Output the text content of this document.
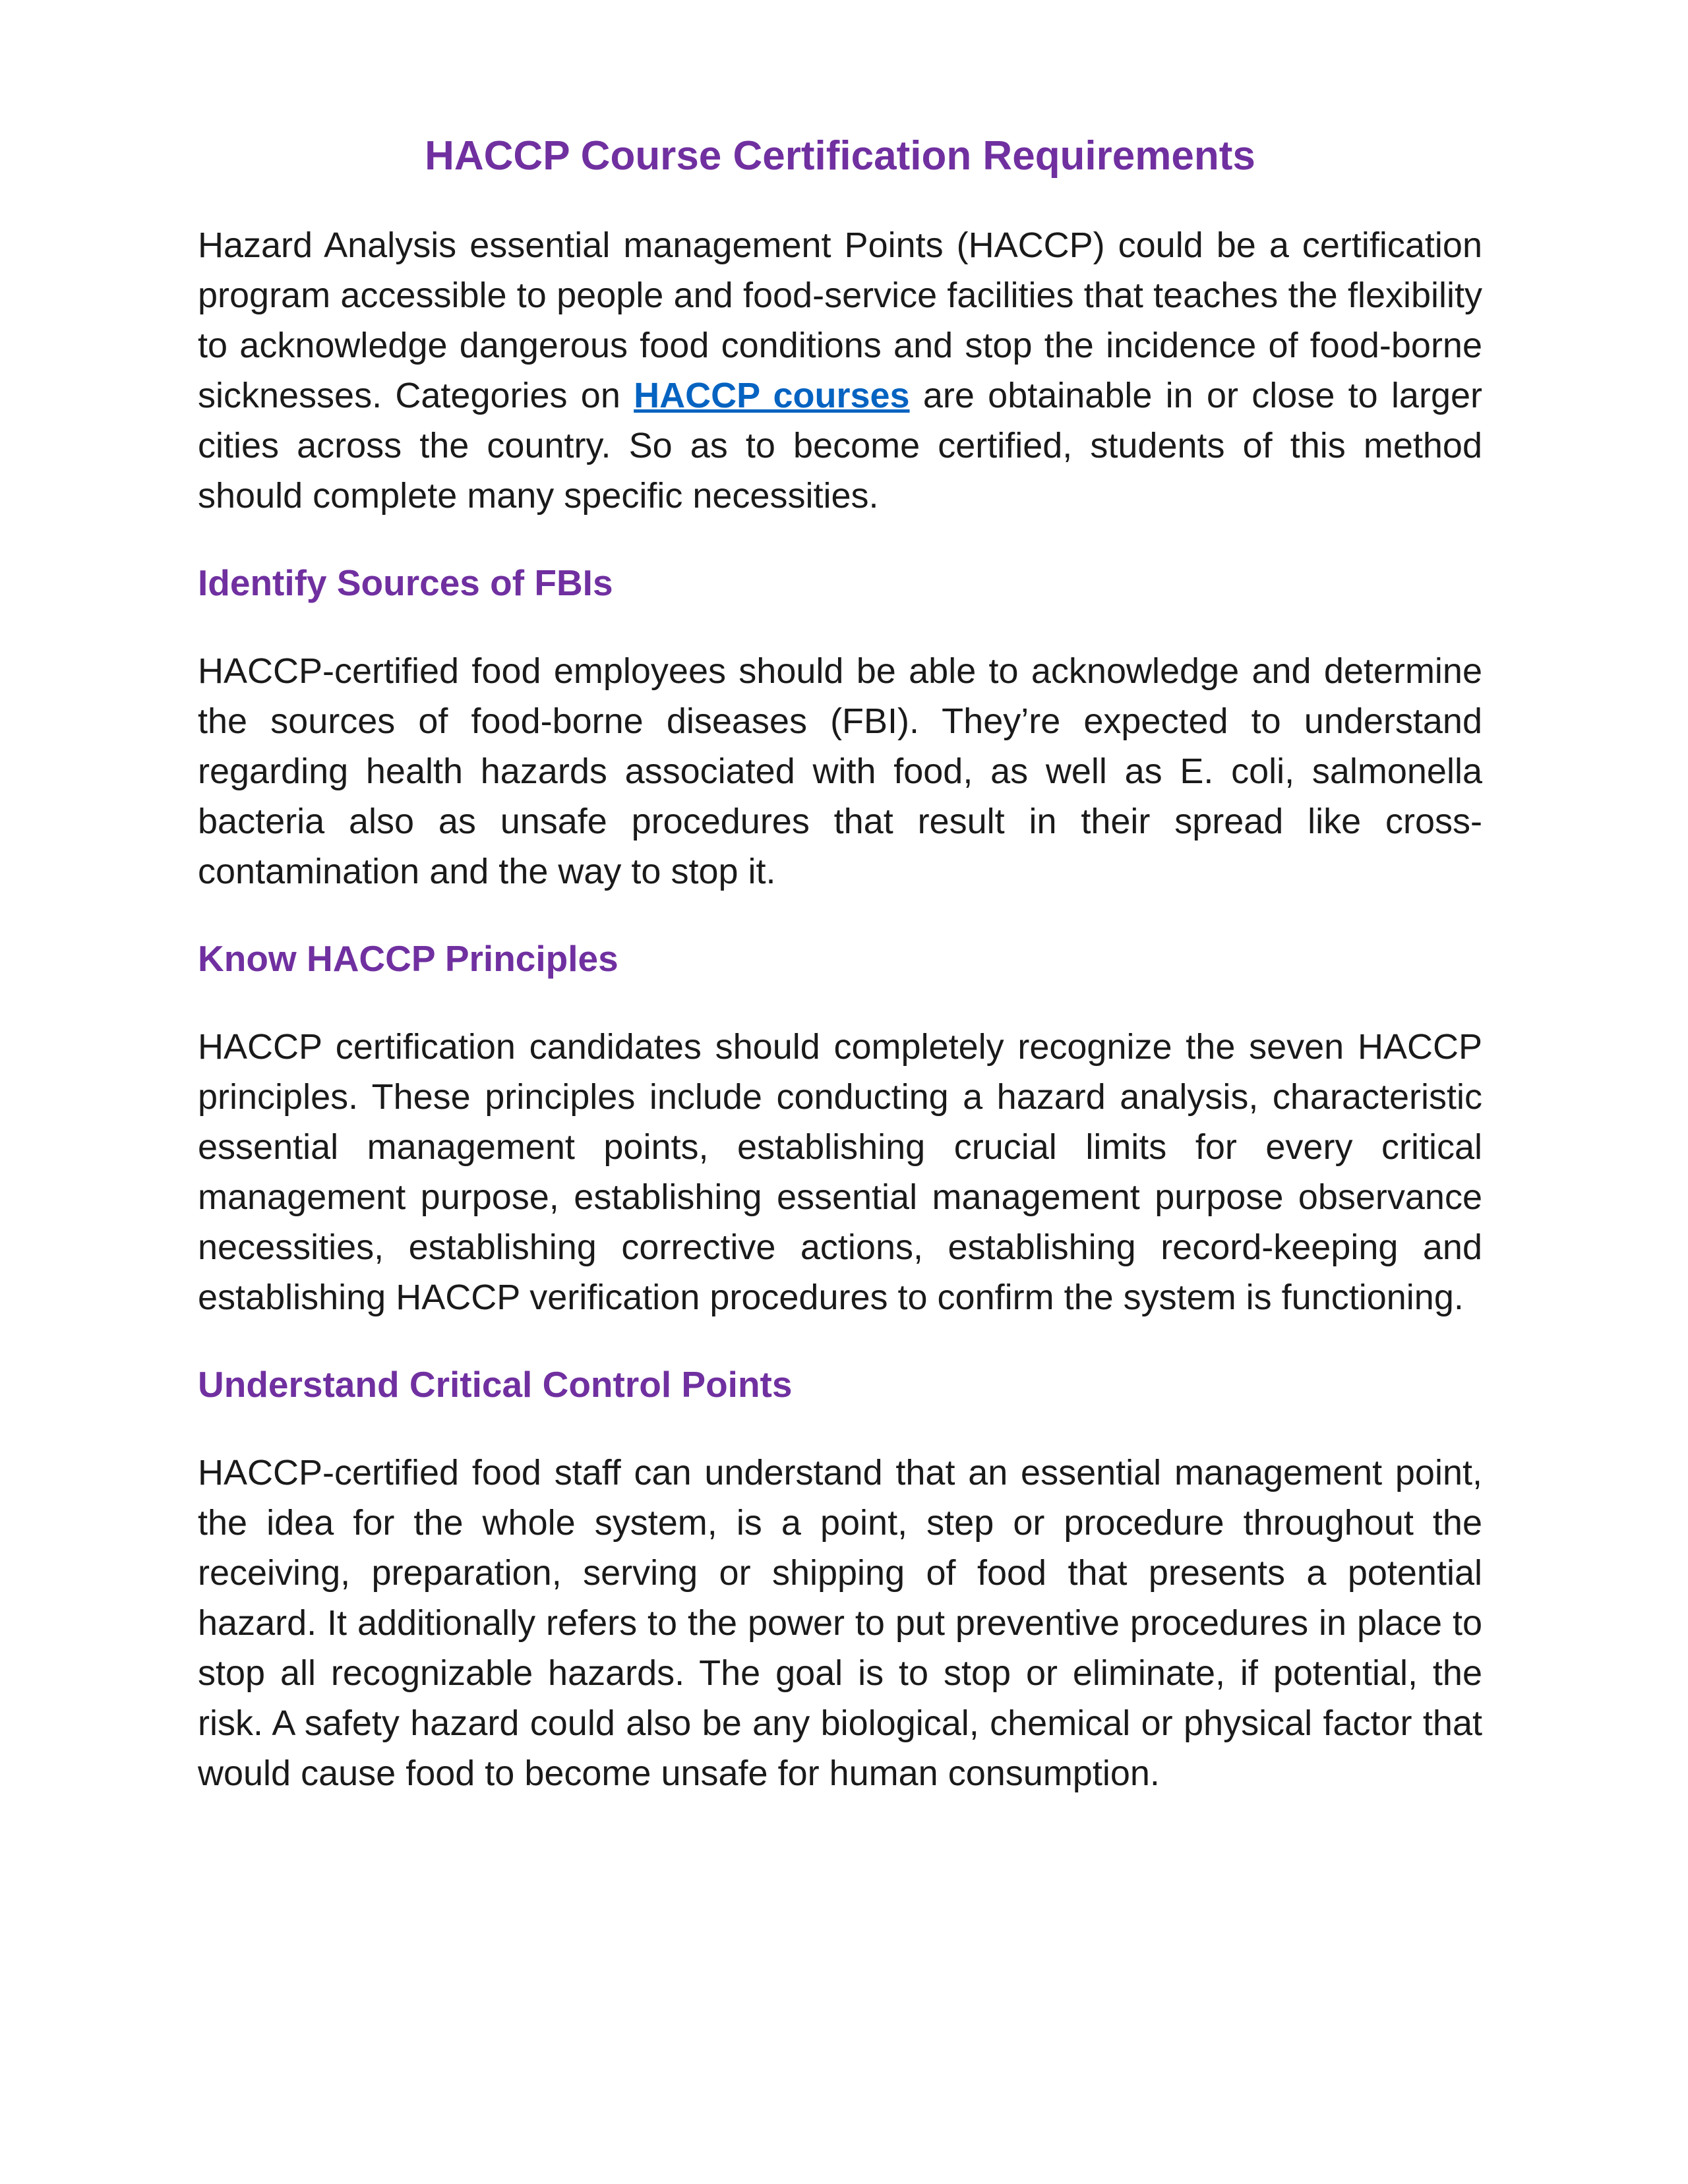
HACCP Course Certification Requirements

Hazard Analysis essential management Points (HACCP) could be a certification program accessible to people and food-service facilities that teaches the flexibility to acknowledge dangerous food conditions and stop the incidence of food-borne sicknesses. Categories on HACCP courses are obtainable in or close to larger cities across the country. So as to become certified, students of this method should complete many specific necessities.

Identify Sources of FBIs

HACCP-certified food employees should be able to acknowledge and determine the sources of food-borne diseases (FBI). They’re expected to understand regarding health hazards associated with food, as well as E. coli, salmonella bacteria also as unsafe procedures that result in their spread like cross-contamination and the way to stop it.

Know HACCP Principles

HACCP certification candidates should completely recognize the seven HACCP principles. These principles include conducting a hazard analysis, characteristic essential management points, establishing crucial limits for every critical management purpose, establishing essential management purpose observance necessities, establishing corrective actions, establishing record-keeping and establishing HACCP verification procedures to confirm the system is functioning.

Understand Critical Control Points

HACCP-certified food staff can understand that an essential management point, the idea for the whole system, is a point, step or procedure throughout the receiving, preparation, serving or shipping of food that presents a potential hazard. It additionally refers to the power to put preventive procedures in place to stop all recognizable hazards. The goal is to stop or eliminate, if potential, the risk. A safety hazard could also be any biological, chemical or physical factor that would cause food to become unsafe for human consumption.
